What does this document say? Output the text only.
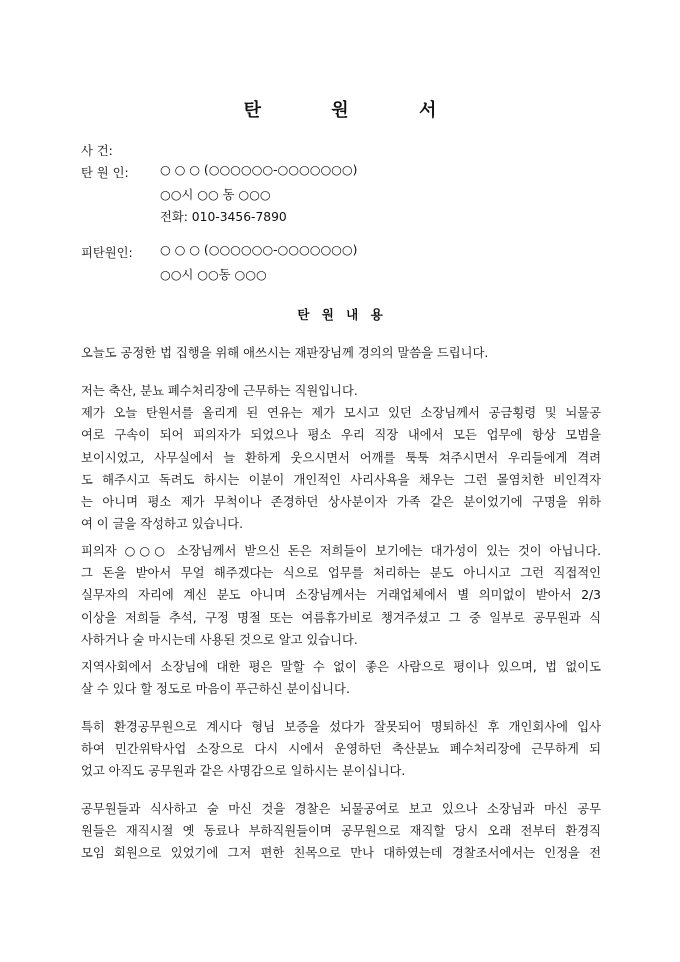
탄	원	서
사 건:
탄 원 인:	○ ○ ○ (○○○○○○-○○○○○○○)
○○시 ○○ 동 ○○○
전화: 010-3456-7890
피탄원인: ○ ○ ○ (○○○○○○-○○○○○○○)
○○시 ○○동 ○○○
탄 원 내 용
오늘도 공정한 법 집행을 위해 애쓰시는 재판장님께 경의의 말씀을 드립니다.
저는 축산, 분뇨 폐수처리장에 근무하는 직원입니다.
제가 오늘 탄원서를 올리게 된 연유는 제가 모시고 있던 소장님께서 공금횡령 및 뇌물공
여로 구속이 되어 피의자가 되었으나 평소 우리 직장 내에서 모든 업무에 항상 모범을
보이시었고, 사무실에서 늘 환하게 웃으시면서 어깨를 툭툭 쳐주시면서 우리들에게 격려
도 해주시고 독려도 하시는 이분이 개인적인 사리사욕을 채우는 그런 몰염치한 비인격자
는 아니며 평소 제가 무척이나 존경하던 상사분이자 가족 같은 분이었기에 구명을 위하
여 이 글을 작성하고 있습니다.
피의자 ○○○ 소장님께서 받으신 돈은 저희들이 보기에는 대가성이 있는 것이 아닙니다.
그 돈을 받아서 무얼 해주겠다는 식으로 업무를 처리하는 분도 아니시고 그런 직접적인
실무자의 자리에 계신 분도 아니며 소장님께서는 거래업체에서 별 의미없이 받아서 2/3
이상을 저희들 추석, 구정 명절 또는 여름휴가비로 챙겨주셨고 그 중 일부로 공무원과 식
사하거나 술 마시는데 사용된 것으로 알고 있습니다.
지역사회에서 소장님에 대한 평은 말할 수 없이 좋은 사람으로 평이나 있으며, 법 없이도
살 수 있다 할 정도로 마음이 푸근하신 분이십니다.
특히 환경공무원으로 계시다 형님 보증을 섰다가 잘못되어 명퇴하신 후 개인회사에 입사
하여 민간위탁사업 소장으로 다시 시에서 운영하던 축산분뇨 폐수처리장에 근무하게 되
었고 아직도 공무원과 같은 사명감으로 일하시는 분이십니다.
공무원들과 식사하고 술 마신 것을 경찰은 뇌물공여로 보고 있으나 소장님과 마신 공무
원들은 재직시절 옛 동료나 부하직원들이며 공무원으로 재직할 당시 오래 전부터 환경직
모임 회원으로 있었기에 그저 편한 친목으로 만나 대하였는데 경찰조서에서는 인정을 전
